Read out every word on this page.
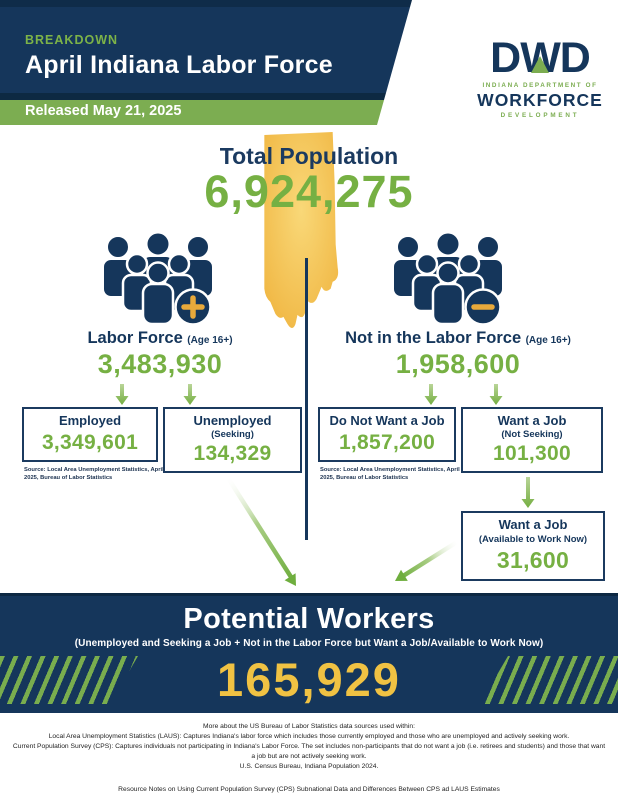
BREAKDOWN
April Indiana Labor Force
Released May 21, 2025
DWD
INDIANA DEPARTMENT OF
WORKFORCE
DEVELOPMENT
Total Population
6,924,275
Labor Force (Age 16+)
3,483,930
Not in the Labor Force (Age 16+)
1,958,600
Employed
3,349,601
Unemployed
(Seeking)
134,329
Source: Local Area Unemployment Statistics, April 2025, Bureau of Labor Statistics
Do Not Want a Job
1,857,200
Want a Job
(Not Seeking)
101,300
Source: Local Area Unemployment Statistics, April 2025, Bureau of Labor Statistics
Want a Job
(Available to Work Now)
31,600
Potential Workers
(Unemployed and Seeking a Job + Not in the Labor Force but Want a Job/Available to Work Now)
165,929
More about the US Bureau of Labor Statistics data sources used within:
Local Area Unemployment Statistics (LAUS): Captures Indiana's labor force which includes those currently employed and those who are unemployed and actively seeking work.
Current Population Survey (CPS): Captures individuals not participating in Indiana's Labor Force. The set includes non-participants that do not want a job (i.e. retirees and students) and those that want a job but are not actively seeking work.
U.S. Census Bureau, Indiana Population 2024.
Resource Notes on Using Current Population Survey (CPS) Subnational Data and Differences Between CPS ad LAUS Estimates
